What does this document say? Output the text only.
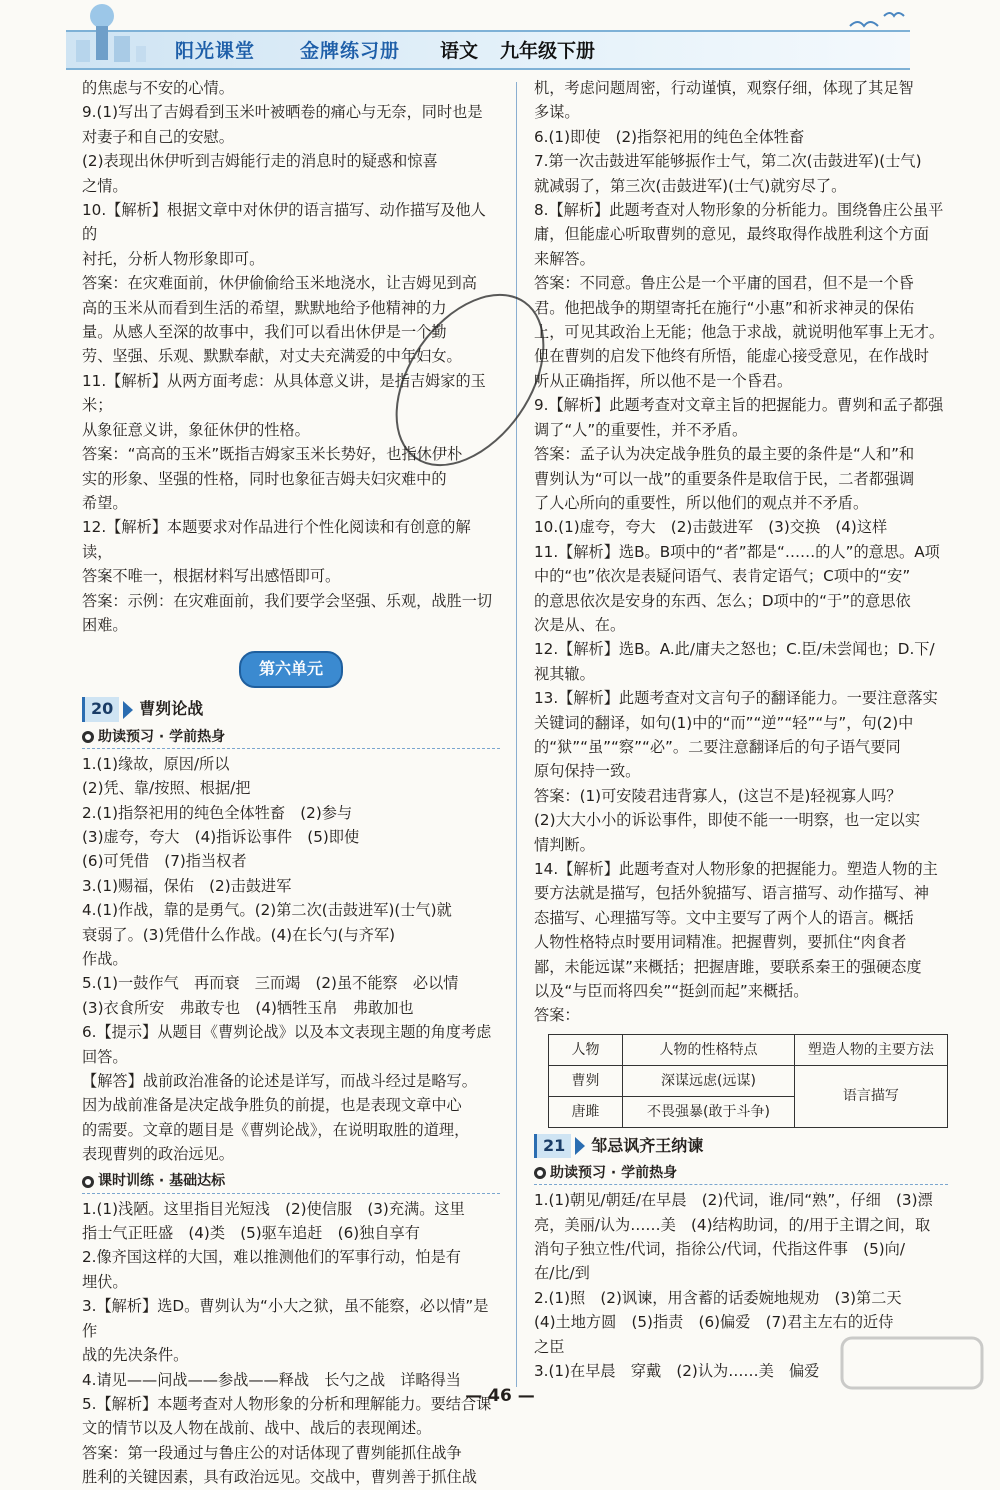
阳光课堂 金牌练习册 语文 九年级下册

的焦虑与不安的心情。

9.(1)写出了吉姆看到玉米叶被晒卷的痛心与无奈，同时也是

对妻子和自己的安慰。

(2)表现出休伊听到吉姆能行走的消息时的疑惑和惊喜

之情。

10.【解析】根据文章中对休伊的语言描写、动作描写及他人的

衬托，分析人物形象即可。

答案：在灾难面前，休伊偷偷给玉米地浇水，让吉姆见到高

高的玉米从而看到生活的希望，默默地给予他精神的力

量。从感人至深的故事中，我们可以看出休伊是一个勤

劳、坚强、乐观、默默奉献，对丈夫充满爱的中年妇女。

11.【解析】从两方面考虑：从具体意义讲，是指吉姆家的玉米；

从象征意义讲，象征休伊的性格。

答案：“高高的玉米”既指吉姆家玉米长势好，也指休伊朴

实的形象、坚强的性格，同时也象征吉姆夫妇灾难中的

希望。

12.【解析】本题要求对作品进行个性化阅读和有创意的解读，

答案不唯一，根据材料写出感悟即可。

答案：示例：在灾难面前，我们要学会坚强、乐观，战胜一切

困难。

第六单元
20	曹刿论战
助读预习 · 学前热身

1.(1)缘故，原因/所以

(2)凭、靠/按照、根据/把

2.(1)指祭祀用的纯色全体牲畜　(2)参与

(3)虚夸，夸大　(4)指诉讼事件　(5)即使

(6)可凭借　(7)指当权者

3.(1)赐福，保佑　(2)击鼓进军

4.(1)作战，靠的是勇气。(2)第二次(击鼓进军)(士气)就

衰弱了。(3)凭借什么作战。(4)在长勺(与齐军)

作战。

5.(1)一鼓作气　再而衰　三而竭　(2)虽不能察　必以情

(3)衣食所安　弗敢专也　(4)牺牲玉帛　弗敢加也

6.【提示】从题目《曹刿论战》以及本文表现主题的角度考虑

回答。

【解答】战前政治准备的论述是详写，而战斗经过是略写。

因为战前准备是决定战争胜负的前提，也是表现文章中心

的需要。文章的题目是《曹刿论战》，在说明取胜的道理，

表现曹刿的政治远见。

课时训练 · 基础达标

1.(1)浅陋。这里指目光短浅　(2)使信服　(3)充满。这里

指士气正旺盛　(4)类　(5)驱车追赶　(6)独自享有

2.像齐国这样的大国，难以推测他们的军事行动，怕是有

埋伏。

3.【解析】选D。曹刿认为“小大之狱，虽不能察，必以情”是作

战的先决条件。

4.请见——问战——参战——释战　长勺之战　详略得当

5.【解析】本题考查对人物形象的分析和理解能力。要结合课

文的情节以及人物在战前、战中、战后的表现阐述。

答案：第一段通过与鲁庄公的对话体现了曹刿能抓住战争

胜利的关键因素，具有政治远见。交战中，曹刿善于抓住战

机，考虑问题周密，行动谨慎，观察仔细，体现了其足智

多谋。

6.(1)即使　(2)指祭祀用的纯色全体牲畜

7.第一次击鼓进军能够振作士气，第二次(击鼓进军)(士气)

就减弱了，第三次(击鼓进军)(士气)就穷尽了。

8.【解析】此题考查对人物形象的分析能力。围绕鲁庄公虽平

庸，但能虚心听取曹刿的意见，最终取得作战胜利这个方面

来解答。

答案：不同意。鲁庄公是一个平庸的国君，但不是一个昏

君。他把战争的期望寄托在施行“小惠”和祈求神灵的保佑

上，可见其政治上无能；他急于求战，就说明他军事上无才。

但在曹刿的启发下他终有所悟，能虚心接受意见，在作战时

听从正确指挥，所以他不是一个昏君。

9.【解析】此题考查对文章主旨的把握能力。曹刿和孟子都强

调了“人”的重要性，并不矛盾。

答案：孟子认为决定战争胜负的最主要的条件是“人和”和

曹刿认为“可以一战”的重要条件是取信于民，二者都强调

了人心所向的重要性，所以他们的观点并不矛盾。

10.(1)虚夸，夸大　(2)击鼓进军　(3)交换　(4)这样

11.【解析】选B。B项中的“者”都是“……的人”的意思。A项

中的“也”依次是表疑问语气、表肯定语气；C项中的“安”

的意思依次是安身的东西、怎么；D项中的“于”的意思依

次是从、在。

12.【解析】选B。A.此/庸夫之怒也；C.臣/未尝闻也；D.下/

视其辙。

13.【解析】此题考查对文言句子的翻译能力。一要注意落实

关键词的翻译，如句(1)中的“而”“逆”“轻”“与”，句(2)中

的“狱”“虽”“察”“必”。二要注意翻译后的句子语气要同

原句保持一致。

答案：(1)可安陵君违背寡人，(这岂不是)轻视寡人吗？

(2)大大小小的诉讼事件，即使不能一一明察，也一定以实

情判断。

14.【解析】此题考查对人物形象的把握能力。塑造人物的主

要方法就是描写，包括外貌描写、语言描写、动作描写、神

态描写、心理描写等。文中主要写了两个人的语言。概括

人物性格特点时要用词精准。把握曹刿，要抓住“肉食者

鄙，未能远谋”来概括；把握唐雎，要联系秦王的强硬态度

以及“与臣而将四矣”“挺剑而起”来概括。

答案：

人物	人物的性格特点	塑造人物的主要方法
曹刿	深谋远虑(远谋)	语言描写
唐雎	不畏强暴(敢于斗争)	
21	邹忌讽齐王纳谏
助读预习 · 学前热身

1.(1)朝见/朝廷/在早晨　(2)代词，谁/同“熟”，仔细　(3)漂

亮，美丽/认为……美　(4)结构助词，的/用于主谓之间，取

消句子独立性/代词，指徐公/代词，代指这件事　(5)向/

在/比/到

2.(1)照　(2)讽谏，用含蓄的话委婉地规劝　(3)第二天

(4)土地方圆　(5)指责　(6)偏爱　(7)君主左右的近侍

之臣

3.(1)在早晨　穿戴　(2)认为……美　偏爱

— 46 —
